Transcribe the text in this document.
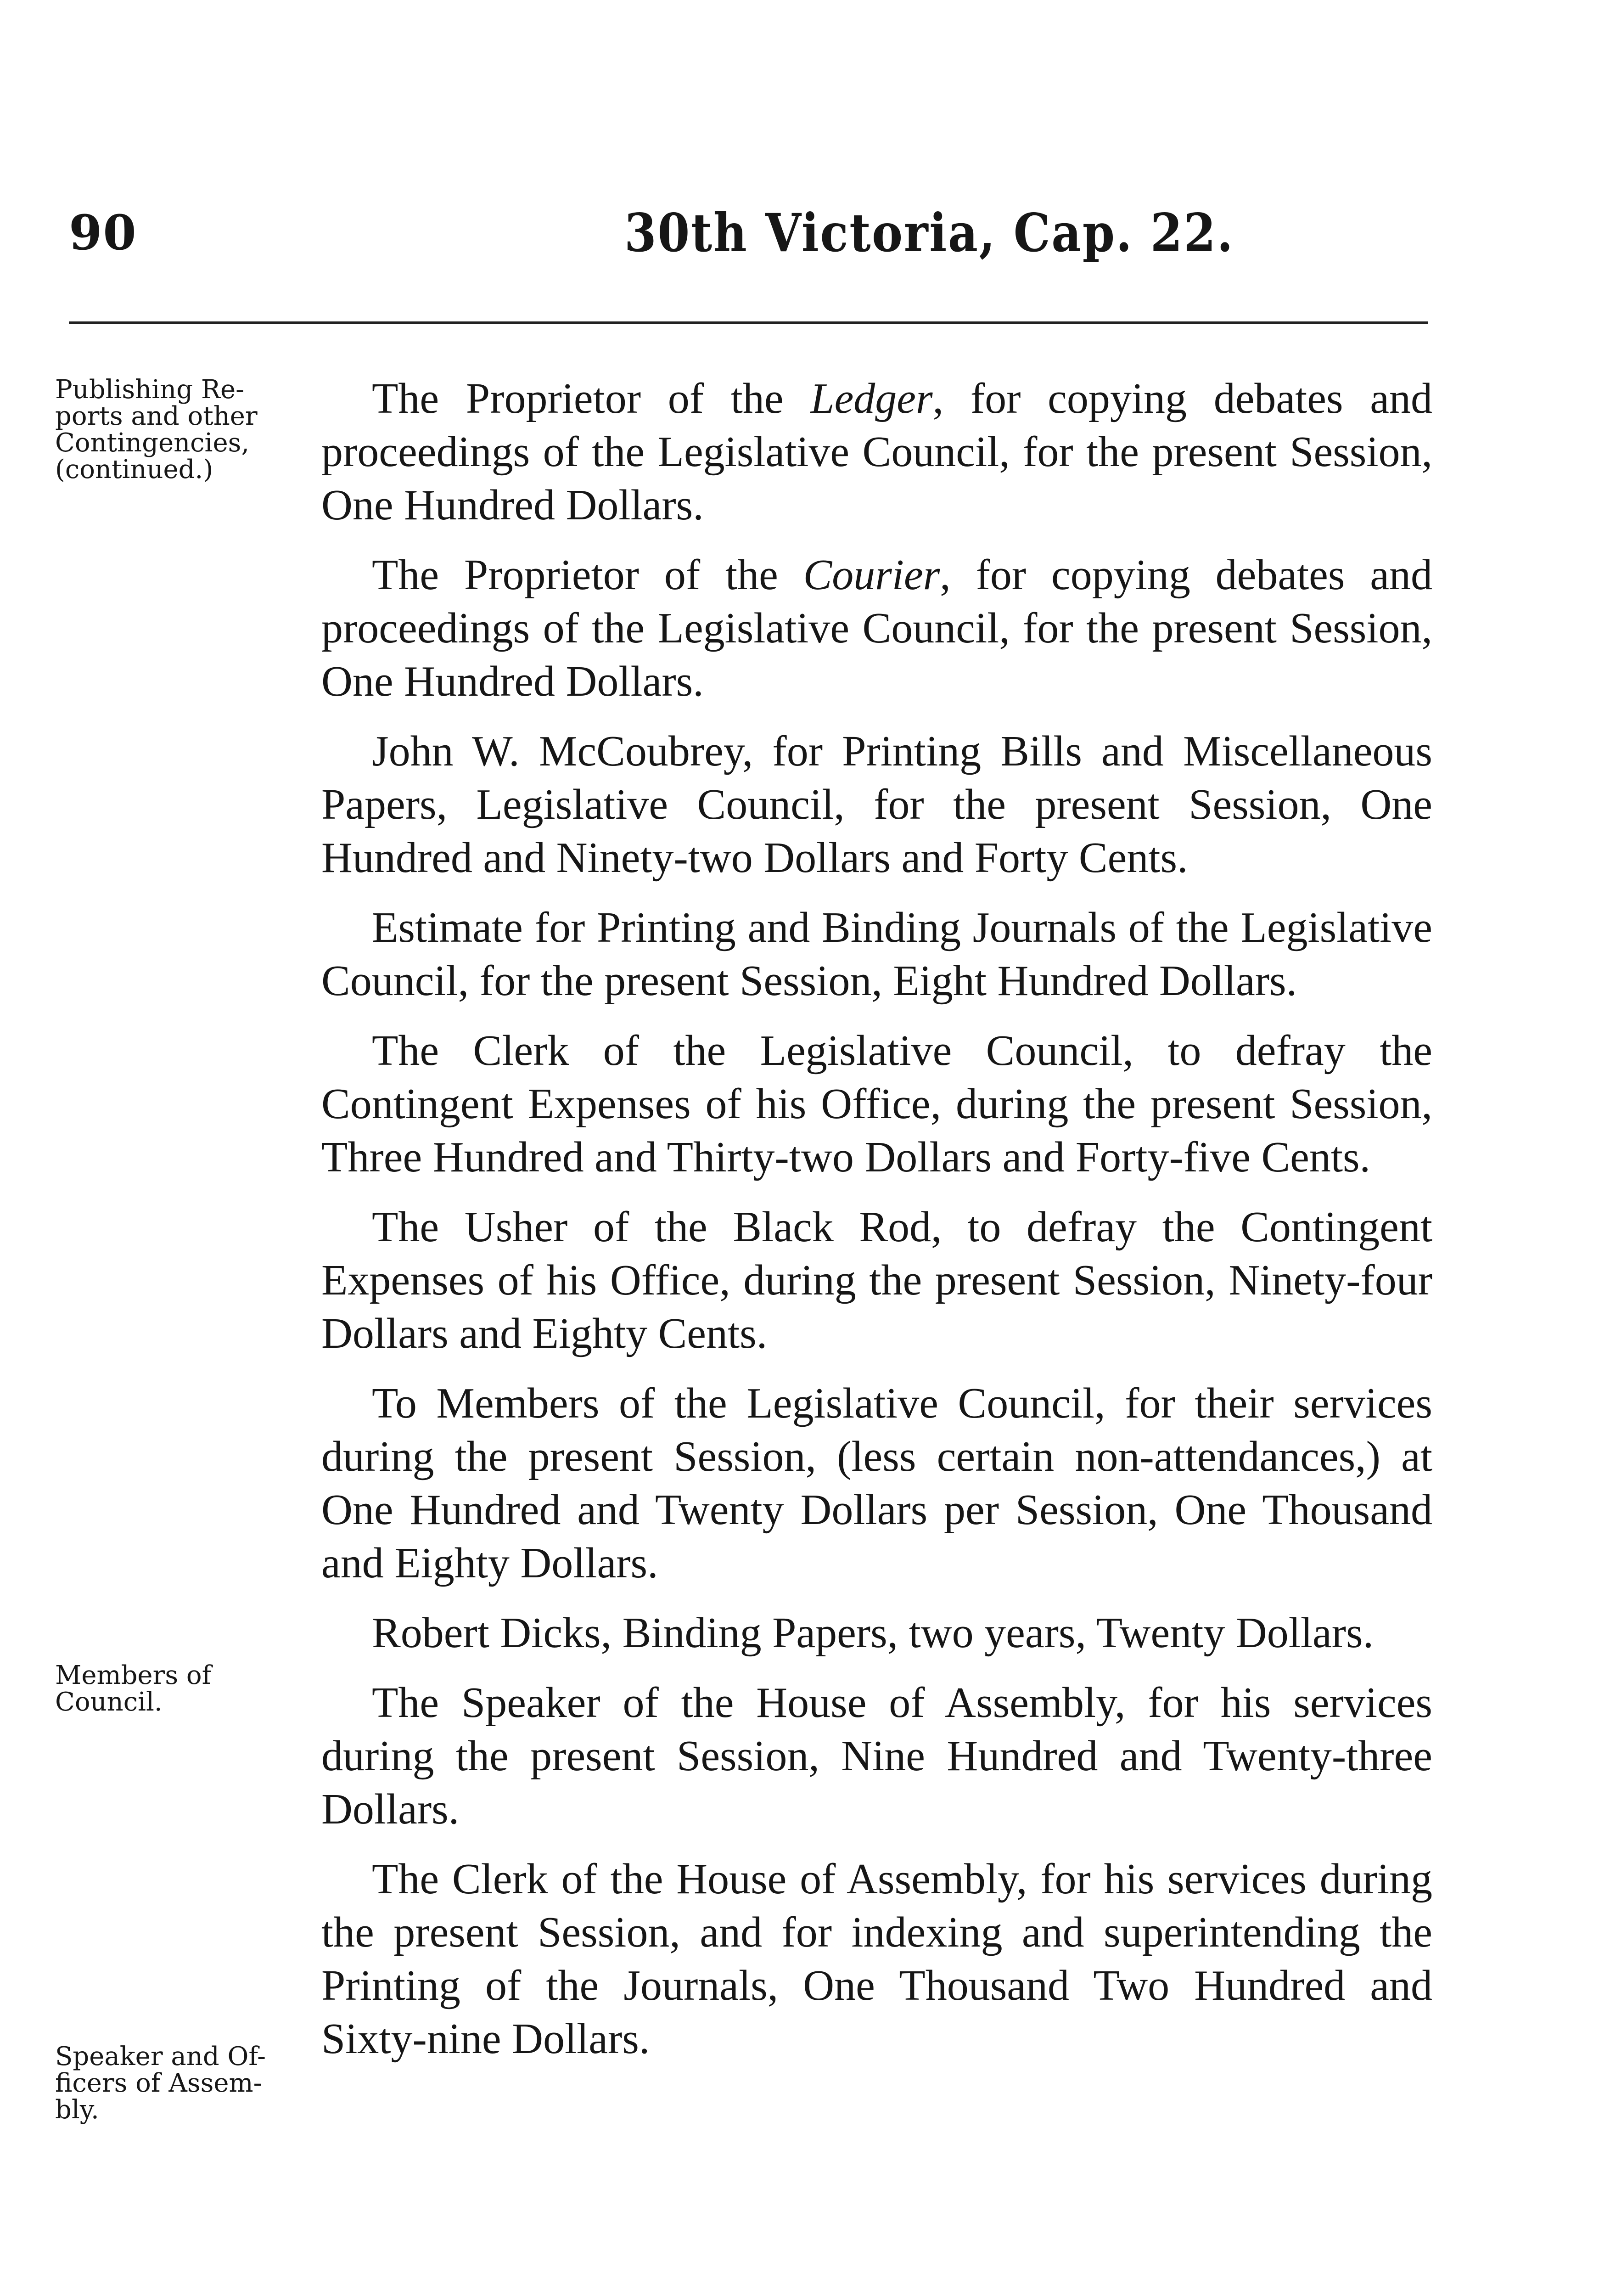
90	30th Victoria, Cap. 22.
Publishing Re-
ports and other
Contingencies,
(continued.)
Members of
Council.
Speaker and Of-
ficers of Assem-
bly.

The Proprietor of the Ledger, for copying debates and proceedings of the Legislative Council, for the present Session, One Hundred Dollars.

The Proprietor of the Courier, for copying debates and proceedings of the Legislative Council, for the present Session, One Hundred Dollars.

John W. McCoubrey, for Printing Bills and Miscellaneous Papers, Legislative Council, for the present Session, One Hundred and Ninety-two Dollars and Forty Cents.

Estimate for Printing and Binding Journals of the Legislative Council, for the present Session, Eight Hundred Dollars.

The Clerk of the Legislative Council, to defray the Contingent Expenses of his Office, during the present Session, Three Hundred and Thirty-two Dollars and Forty-five Cents.

The Usher of the Black Rod, to defray the Contingent Expenses of his Office, during the present Session, Ninety-four Dollars and Eighty Cents.

To Members of the Legislative Council, for their services during the present Session, (less certain non-attendances,) at One Hundred and Twenty Dollars per Session, One Thousand and Eighty Dollars.

Robert Dicks, Binding Papers, two years, Twenty Dollars.

The Speaker of the House of Assembly, for his services during the present Session, Nine Hundred and Twenty-three Dollars.

The Clerk of the House of Assembly, for his services during the present Session, and for indexing and superintending the Printing of the Journals, One Thousand Two Hundred and Sixty-nine Dollars.
